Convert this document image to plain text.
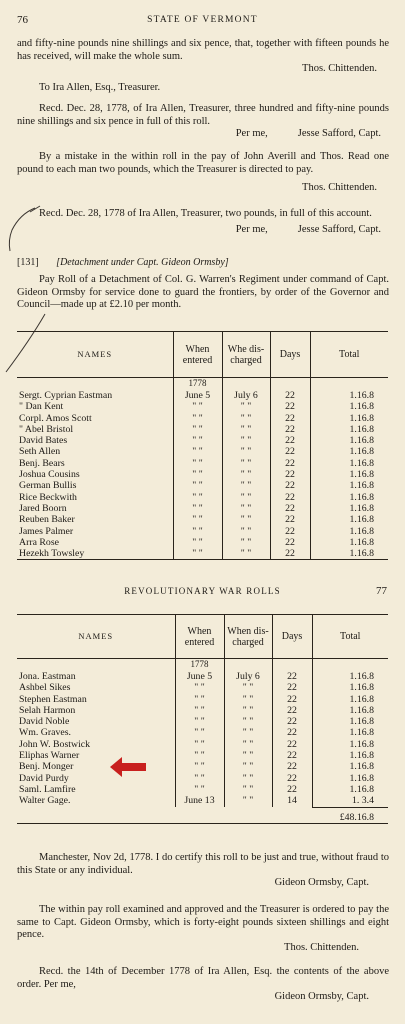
76	STATE OF VERMONT

and fifty-nine pounds nine shillings and six pence, that, together with fifteen pounds he has received, will make the whole sum.

Thos. Chittenden.

To Ira Allen, Esq., Treasurer.

Recd. Dec. 28, 1778, of Ira Allen, Treasurer, three hundred and fifty-nine pounds nine shillings and six pence in full of this roll.

Per me,	Jesse Safford, Capt.

By a mistake in the within roll in the pay of John Averill and Thos. Read one pound to each man two pounds, which the Treasurer is directed to pay.

Thos. Chittenden.

Recd. Dec. 28, 1778 of Ira Allen, Treasurer, two pounds, in full of this account.

Per me,	Jesse Safford, Capt.

[131] [Detachment under Capt. Gideon Ormsby]

Pay Roll of a Detachment of Col. G. Warren's Regiment under command of Capt. Gideon Ormsby for service done to guard the frontiers, by order of the Governor and Council—made up at £2.10 per month.

NAMES	When entered	Whe dis- charged	Days	Total
	1778			
Sergt. Cyprian Eastman	June 5	July 6	22	1.16.8
" Dan Kent	" "	" "	22	1.16.8
Corpl. Amos Scott	" "	" "	22	1.16.8
" Abel Bristol	" "	" "	22	1.16.8
David Bates	" "	" "	22	1.16.8
Seth Allen	" "	" "	22	1.16.8
Benj. Bears	" "	" "	22	1.16.8
Joshua Cousins	" "	" "	22	1.16.8
German Bullis	" "	" "	22	1.16.8
Rice Beckwith	" "	" "	22	1.16.8
Jared Boorn	" "	" "	22	1.16.8
Reuben Baker	" "	" "	22	1.16.8
James Palmer	" "	" "	22	1.16.8
Arra Rose	" "	" "	22	1.16.8
Hezekh Towsley	" "	" "	22	1.16.8
REVOLUTIONARY WAR ROLLS	77
NAMES	When entered	When dis- charged	Days	Total
	1778			
Jona. Eastman	June 5	July 6	22	1.16.8
Ashbel Sikes	" "	" "	22	1.16.8
Stephen Eastman	" "	" "	22	1.16.8
Selah Harmon	" "	" "	22	1.16.8
David Noble	" "	" "	22	1.16.8
Wm. Graves.	" "	" "	22	1.16.8
John W. Bostwick	" "	" "	22	1.16.8
Eliphas Warner	" "	" "	22	1.16.8
Benj. Monger	" "	" "	22	1.16.8
David Purdy	" "	" "	22	1.16.8
Saml. Lamfire	" "	" "	22	1.16.8
Walter Gage.	June 13	" "	14	1. 3.4
				£48.16.8

Manchester, Nov 2d, 1778. I do certify this roll to be just and true, without fraud to this State or any individual.

Gideon Ormsby, Capt.

The within pay roll examined and approved and the Treasurer is ordered to pay the same to Capt. Gideon Ormsby, which is forty-eight pounds sixteen shillings and eight pence.

Thos. Chittenden.

Recd. the 14th of December 1778 of Ira Allen, Esq. the contents of the above order. Per me,

Gideon Ormsby, Capt.
